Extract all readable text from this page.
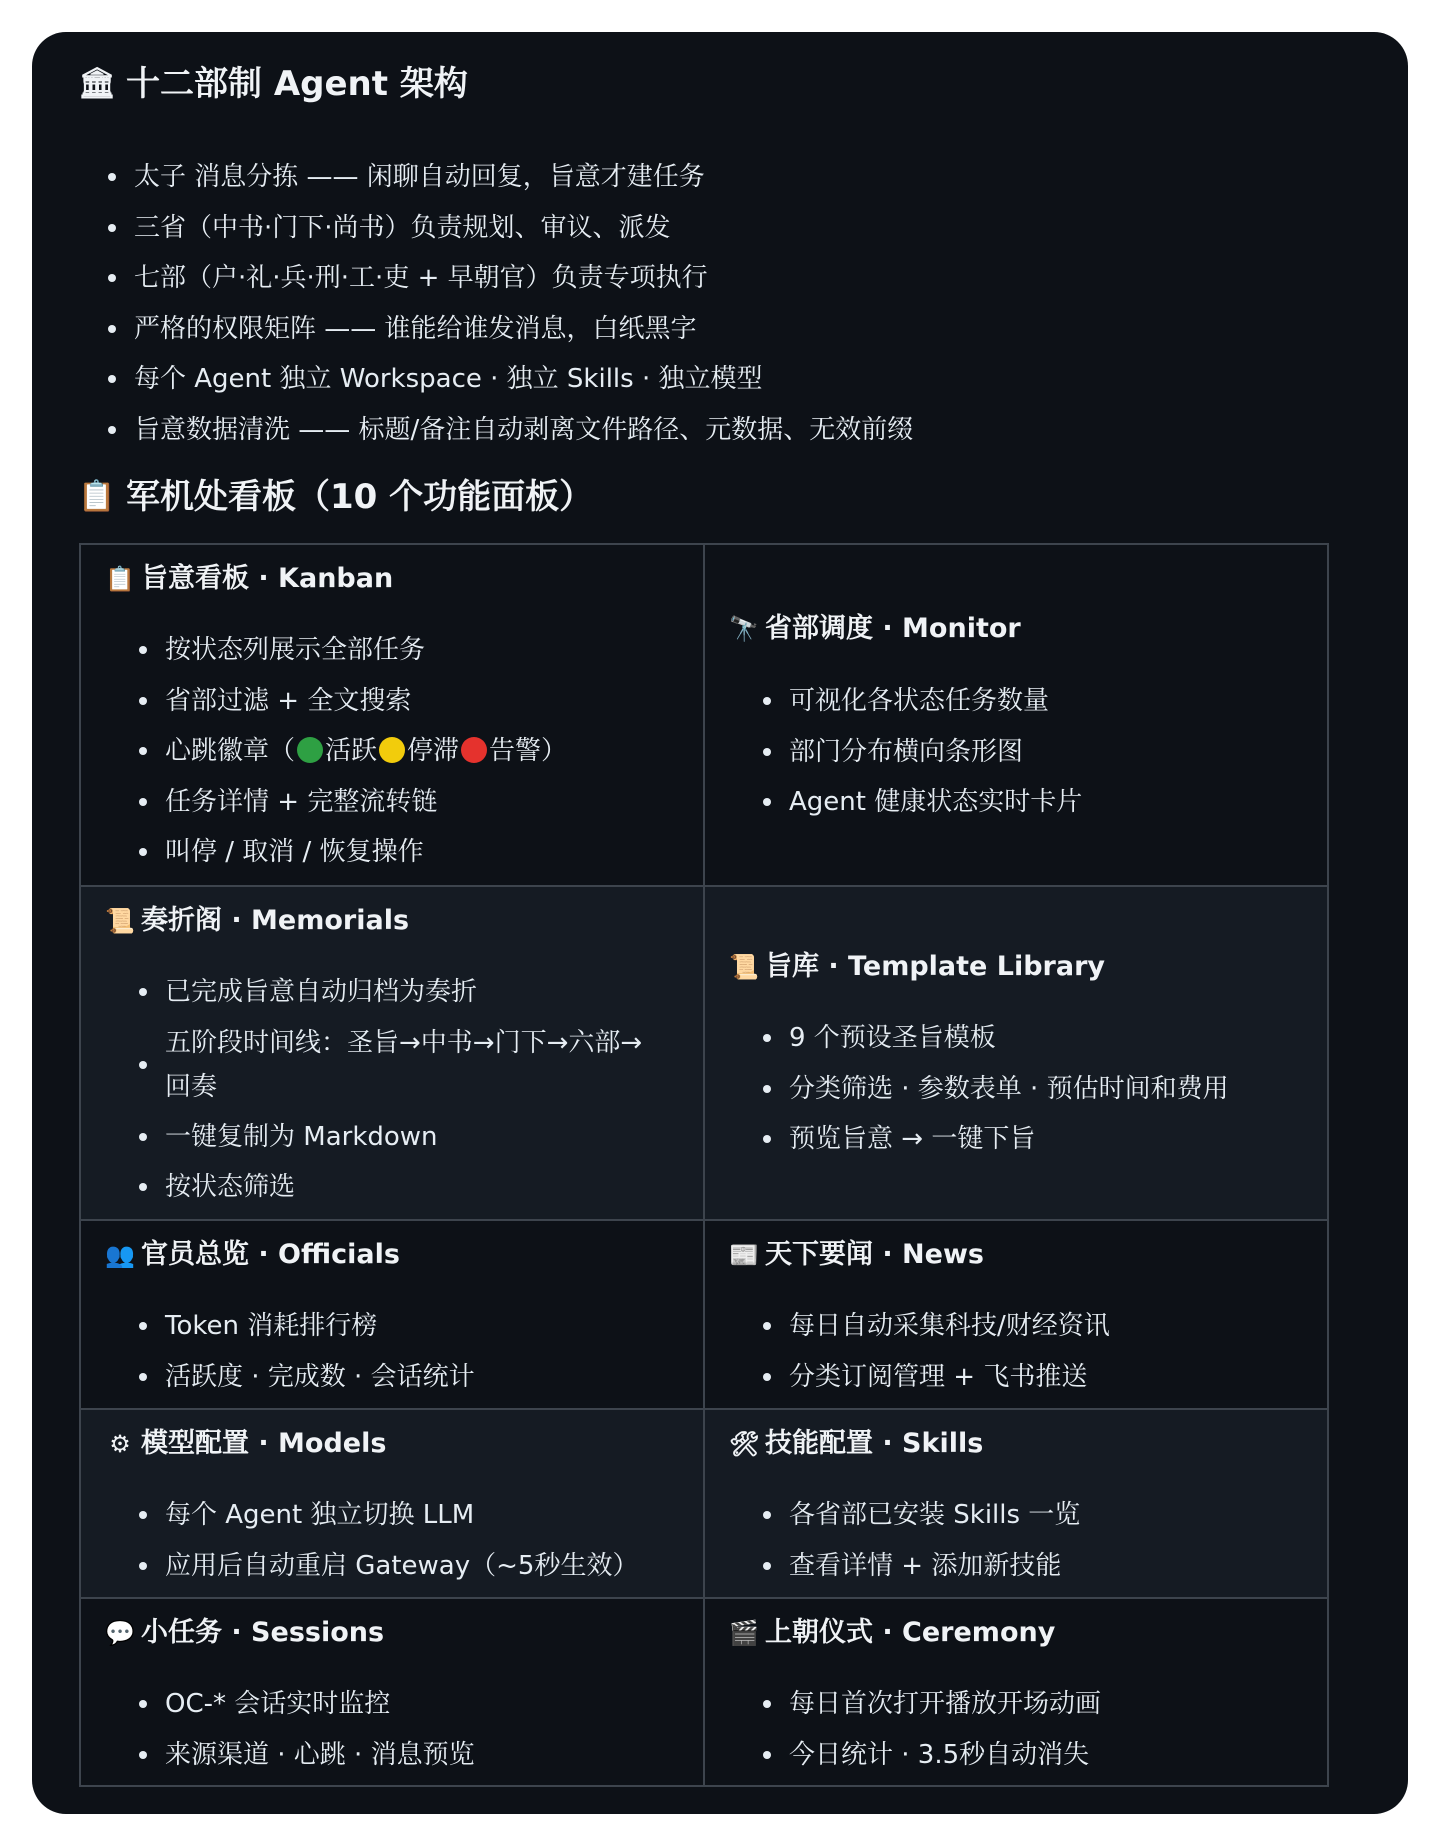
🏛 十二部制 Agent 架构
太子 消息分拣 —— 闲聊自动回复，旨意才建任务
三省（中书·门下·尚书）负责规划、审议、派发
七部（户·礼·兵·刑·工·吏 + 早朝官）负责专项执行
严格的权限矩阵 —— 谁能给谁发消息，白纸黑字
每个 Agent 独立 Workspace · 独立 Skills · 独立模型
旨意数据清洗 —— 标题/备注自动剥离文件路径、元数据、无效前缀
📋 军机处看板（10 个功能面板）
📋 旨意看板 · Kanban
按状态列展示全部任务
省部过滤 + 全文搜索
心跳徽章（ 活跃 停滞 告警）
任务详情 + 完整流转链
叫停 / 取消 / 恢复操作
🔭 省部调度 · Monitor
可视化各状态任务数量
部门分布横向条形图
Agent 健康状态实时卡片
📜 奏折阁 · Memorials
已完成旨意自动归档为奏折
五阶段时间线：圣旨→中书→门下→六部→回奏
一键复制为 Markdown
按状态筛选
📜 旨库 · Template Library
9 个预设圣旨模板
分类筛选 · 参数表单 · 预估时间和费用
预览旨意 → 一键下旨
👥 官员总览 · Officials
Token 消耗排行榜
活跃度 · 完成数 · 会话统计
📰 天下要闻 · News
每日自动采集科技/财经资讯
分类订阅管理 + 飞书推送
⚙ 模型配置 · Models
每个 Agent 独立切换 LLM
应用后自动重启 Gateway（~5秒生效）
🛠 技能配置 · Skills
各省部已安装 Skills 一览
查看详情 + 添加新技能
💬 小任务 · Sessions
OC-* 会话实时监控
来源渠道 · 心跳 · 消息预览
🎬 上朝仪式 · Ceremony
每日首次打开播放开场动画
今日统计 · 3.5秒自动消失
